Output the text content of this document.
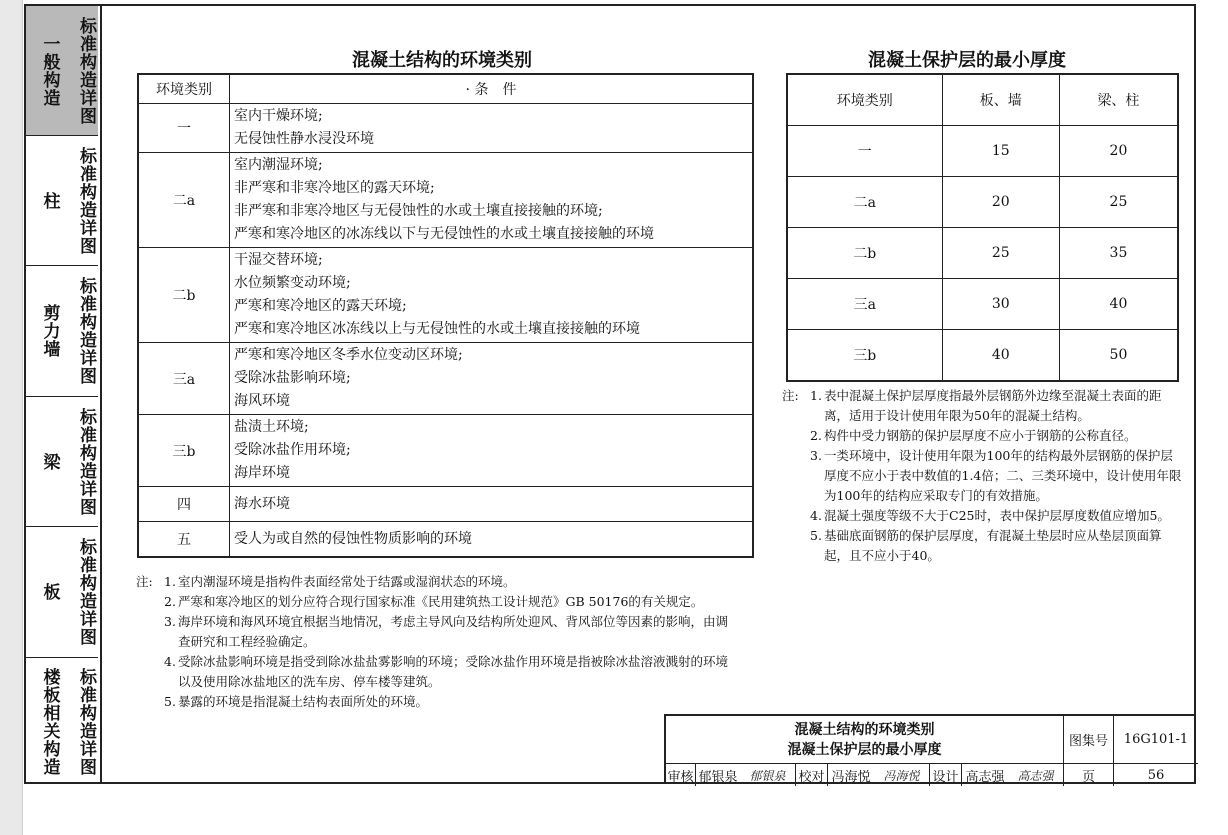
一般构造 标准构造详图
柱 标准构造详图
剪力墙 标准构造详图
梁 标准构造详图
板 标准构造详图
楼板相关构造 标准构造详图
混凝土结构的环境类别
环境类别	· 条　件
一	室内干燥环境;
无侵蚀性静水浸没环境

二a	室内潮湿环境;
非严寒和非寒冷地区的露天环境;
非严寒和非寒冷地区与无侵蚀性的水或土壤直接接触的环境;
严寒和寒冷地区的冰冻线以下与无侵蚀性的水或土壤直接接触的环境

二b	干湿交替环境;
水位频繁变动环境;
严寒和寒冷地区的露天环境;
严寒和寒冷地区冰冻线以上与无侵蚀性的水或土壤直接接触的环境

三a	严寒和寒冷地区冬季水位变动区环境;
受除冰盐影响环境;
海风环境

三b	盐渍土环境;
受除冰盐作用环境;
海岸环境

四	海水环境

五	受人为或自然的侵蚀性物质影响的环境
注: 1. 室内潮湿环境是指构件表面经常处于结露或湿润状态的环境。
2. 严寒和寒冷地区的划分应符合现行国家标准《民用建筑热工设计规范》GB 50176的有关规定。
3. 海岸环境和海风环境宜根据当地情况，考虑主导风向及结构所处迎风、背风部位等因素的影响，由调查研究和工程经验确定。
4. 受除冰盐影响环境是指受到除冰盐盐雾影响的环境；受除冰盐作用环境是指被除冰盐溶液溅射的环境以及使用除冰盐地区的洗车房、停车楼等建筑。
5. 暴露的环境是指混凝土结构表面所处的环境。
混凝土保护层的最小厚度
环境类别	板、墙	梁、柱
一	15	20
二a	20	25
二b	25	35
三a	30	40
三b	40	50
注: 1. 表中混凝土保护层厚度指最外层钢筋外边缘至混凝土表面的距离，适用于设计使用年限为50年的混凝土结构。
2. 构件中受力钢筋的保护层厚度不应小于钢筋的公称直径。
3. 一类环境中，设计使用年限为100年的结构最外层钢筋的保护层厚度不应小于表中数值的1.4倍；二、三类环境中，设计使用年限为100年的结构应采取专门的有效措施。
4. 混凝土强度等级不大于C25时，表中保护层厚度数值应增加5。
5. 基础底面钢筋的保护层厚度，有混凝土垫层时应从垫层顶面算起，且不应小于40。
混凝土结构的环境类别
混凝土保护层的最小厚度	图集号	16G101-1
审核 郁银泉 郁银泉 校对 冯海悦	冯海悦 设计 高志强	高志强	页	56
